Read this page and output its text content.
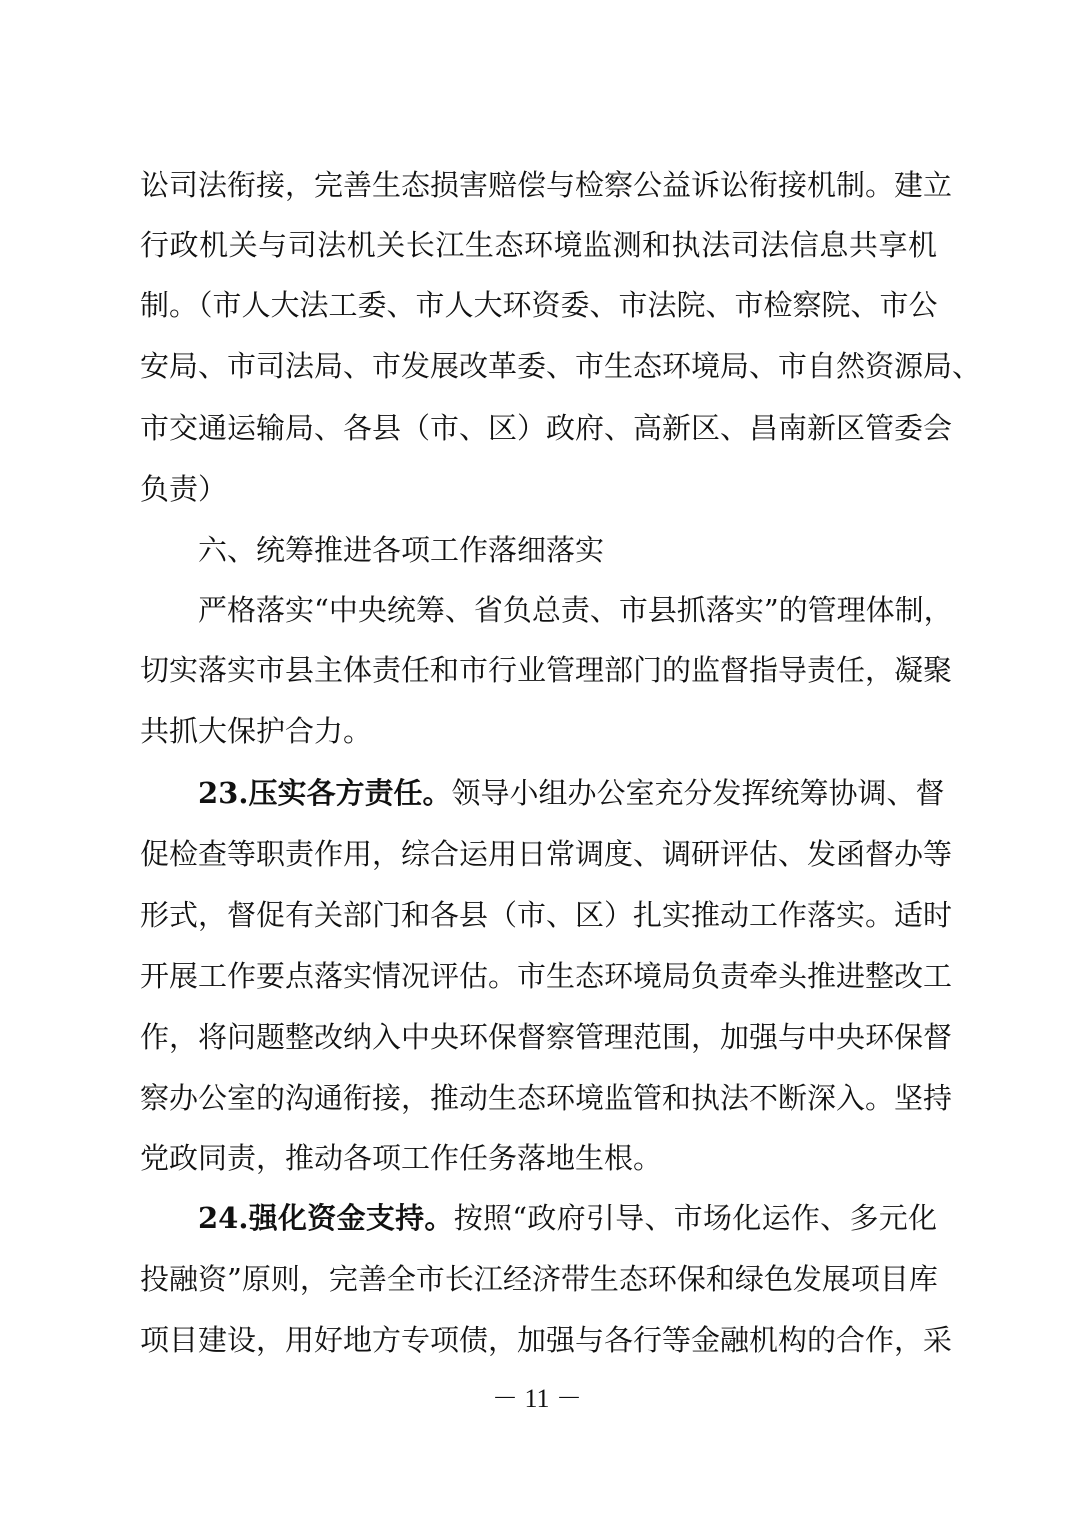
讼司法衔接，完善生态损害赔偿与检察公益诉讼衔接机制。建立
行政机关与司法机关长江生态环境监测和执法司法信息共享机
制。（市人大法工委、市人大环资委、市法院、市检察院、市公
安局、市司法局、市发展改革委、市生态环境局、市自然资源局、
市交通运输局、各县（市、区）政府、高新区、昌南新区管委会
负责）
六、统筹推进各项工作落细落实
严格落实“中央统筹、省负总责、市县抓落实”的管理体制，
切实落实市县主体责任和市行业管理部门的监督指导责任，凝聚
共抓大保护合力。
23.压实各方责任。领导小组办公室充分发挥统筹协调、督
促检查等职责作用，综合运用日常调度、调研评估、发函督办等
形式，督促有关部门和各县（市、区）扎实推动工作落实。适时
开展工作要点落实情况评估。市生态环境局负责牵头推进整改工
作，将问题整改纳入中央环保督察管理范围，加强与中央环保督
察办公室的沟通衔接，推动生态环境监管和执法不断深入。坚持
党政同责，推动各项工作任务落地生根。
24.强化资金支持。按照“政府引导、市场化运作、多元化
投融资”原则，完善全市长江经济带生态环保和绿色发展项目库
项目建设，用好地方专项债，加强与各行等金融机构的合作，采
－ 11 －
